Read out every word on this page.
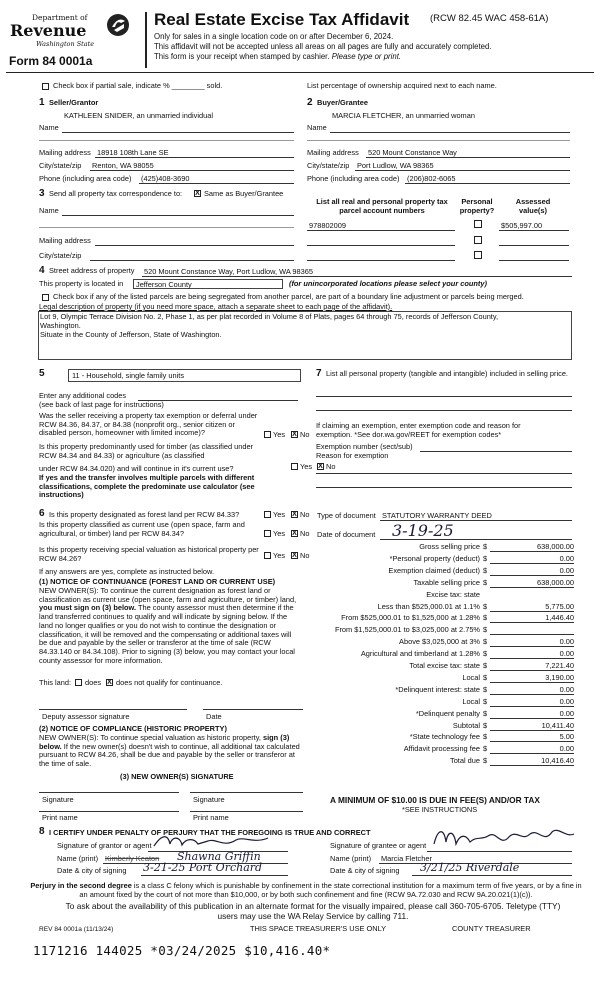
Department of
Revenue
Washington State
Form 84 0001a
Real Estate Excise Tax Affidavit (RCW 82.45 WAC 458-61A)
Only for sales in a single location code on or after December 6, 2024.
This affidavit will not be accepted unless all areas on all pages are fully and accurately completed.
This form is your receipt when stamped by cashier. Please type or print.
Check box if partial sale, indicate % ________ sold.	List percentage of ownership acquired next to each name.
1 Seller/Grantor
KATHLEEN SNIDER, an unmarried individual
Name
Mailing address 18918 108th Lane SE
City/state/zip Renton, WA 98055
Phone (including area code) (425)408-3690
2 Buyer/Grantee
MARCIA FLETCHER, an unmarried woman
Name
Mailing address 520 Mount Constance Way
City/state/zip Port Ludlow, WA 98365
Phone (including area code) (206)802-6065
3 Send all property tax correspondence to: X Same as Buyer/Grantee
Name
Mailing address
City/state/zip
List all real and personal property tax parcel account numbers
Personal property?
Assessed value(s)
978802009	$505,997.00
4 Street address of property 520 Mount Constance Way, Port Ludlow, WA 98365
This property is located in Jefferson County	(for unincorporated locations please select your county)
Check box if any of the listed parcels are being segregated from another parcel, are part of a boundary line adjustment or parcels being merged.
Legal description of property (if you need more space, attach a separate sheet to each page of the affidavit).
Lot 9, Olympic Terrace Division No. 2, Phase 1, as per plat recorded in Volume 8 of Plats, pages 64 through 75, records of Jefferson County,
Washington.
Situate in the County of Jefferson, State of Washington.
5	11 - Household, single family units
Enter any additional codes
(see back of last page for instructions)
Was the seller receiving a property tax exemption or deferral under RCW 84.36, 84.37, or 84.38 (nonprofit org., senior citizen or disabled person, homeowner with limited income)?	Yes X No
Is this property predominantly used for timber (as classified under RCW 84.34 and 84.33) or agriculture (as classified
under RCW 84.34.020) and will continue in it's current use?	Yes X No
If yes and the transfer involves multiple parcels with different classifications, complete the predominate use calculator (see instructions)
7 List all personal property (tangible and intangible) included in selling price.
If claiming an exemption, enter exemption code and reason for exemption. *See dor.wa.gov/REET for exemption codes*
Exemption number (sect/sub)
Reason for exemption
6 Is this property designated as forest land per RCW 84.33?	Yes X No
Is this property classified as current use (open space, farm and agricultural, or timber) land per RCW 84.34?	Yes X No
Is this property receiving special valuation as historical property per RCW 84.26?	Yes X No
If any answers are yes, complete as instructed below.
(1) NOTICE OF CONTINUANCE (FOREST LAND OR CURRENT USE)
NEW OWNER(S): To continue the current designation as forest land or classification as current use (open space, farm and agriculture, or timber) land, you must sign on (3) below. The county assessor must then determine if the land transferred continues to qualify and will indicate by signing below. If the land no longer qualifies or you do not wish to continue the designation or classification, it will be removed and the compensating or additional taxes will be due and payable by the seller or transferor at the time of sale (RCW 84.33.140 or 84.34.108). Prior to signing (3) below, you may contact your local county assessor for more information.
This land: does X does not qualify for continuance.
Deputy assessor signature	Date
(2) NOTICE OF COMPLIANCE (HISTORIC PROPERTY)
NEW OWNER(S): To continue special valuation as historic property, sign (3) below. If the new owner(s) doesn't wish to continue, all additional tax calculated pursuant to RCW 84.26, shall be due and payable by the seller or transferor at the time of sale.
(3) NEW OWNER(S) SIGNATURE
Signature	Signature
Print name	Print name
Type of document STATUTORY WARRANTY DEED
Date of document 3-19-25
Gross selling price $	638,000.00
*Personal property (deduct) $	0.00
Exemption claimed (deduct) $	0.00
Taxable selling price $	638,000.00
Excise tax: state
Less than $525,000.01 at 1.1% $	5,775.00
From $525,000.01 to $1,525,000 at 1.28% $	1,446.40
From $1,525,000.01 to $3,025,000 at 2.75% $
Above $3,025,000 at 3% $	0.00
Agricultural and timberland at 1.28% $	0.00
Total excise tax: state $	7,221.40
Local $	3,190.00
*Delinquent interest: state $	0.00
Local $	0.00
*Delinquent penalty $	0.00
Subtotal $	10,411.40
*State technology fee $	5.00
Affidavit processing fee $	0.00
Total due $	10,416.40
A MINIMUM OF $10.00 IS DUE IN FEE(S) AND/OR TAX
*SEE INSTRUCTIONS
8 I CERTIFY UNDER PENALTY OF PERJURY THAT THE FOREGOING IS TRUE AND CORRECT
Signature of grantor or agent
Name (print) Kimberly Keaton Shawna Griffin
Date & city of signing 3-21-25 Port Orchard
Signature of grantee or agent
Name (print) Marcia Fletcher
Date & city of signing 3/21/25 Riverdale
Perjury in the second degree is a class C felony which is punishable by confinement in the state correctional institution for a maximum term of five years, or by a fine in an amount fixed by the court of not more than $10,000, or by both such confinement and fine (RCW 9A.72.030 and RCW 9A.20.021(1)(c)).
To ask about the availability of this publication in an alternate format for the visually impaired, please call 360-705-6705. Teletype (TTY) users may use the WA Relay Service by calling 711.
REV 84 0001a (11/13/24)	THIS SPACE TREASURER'S USE ONLY	COUNTY TREASURER
1171216 144025 *03/24/2025 $10,416.40*
